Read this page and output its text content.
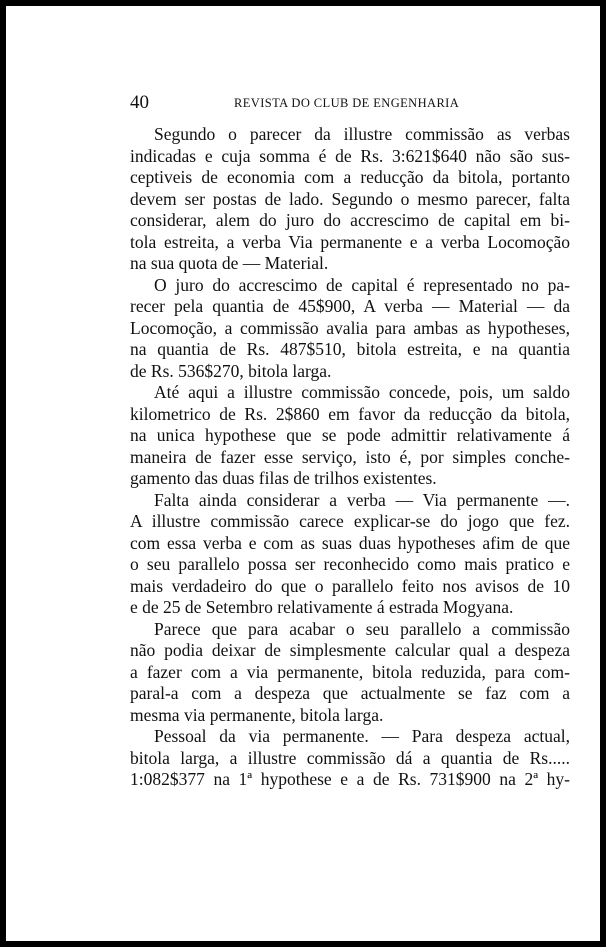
40	REVISTA DO CLUB DE ENGENHARIA
Segundo o parecer da illustre commissão as verbas
indicadas e cuja somma é de Rs. 3:621$640 não são sus-
ceptiveis de economia com a reducção da bitola, portanto
devem ser postas de lado. Segundo o mesmo parecer, falta
considerar, alem do juro do accrescimo de capital em bi-
tola estreita, a verba Via permanente e a verba Locomoção
na sua quota de — Material.
O juro do accrescimo de capital é representado no pa-
recer pela quantia de 45$900, A verba — Material — da
Locomoção, a commissão avalia para ambas as hypotheses,
na quantia de Rs. 487$510, bitola estreita, e na quantia
de Rs. 536$270, bitola larga.
Até aqui a illustre commissão concede, pois, um saldo
kilometrico de Rs. 2$860 em favor da reducção da bitola,
na unica hypothese que se pode admittir relativamente á
maneira de fazer esse serviço, isto é, por simples conche-
gamento das duas filas de trilhos existentes.
Falta ainda considerar a verba — Via permanente —.
A illustre commissão carece explicar-se do jogo que fez.
com essa verba e com as suas duas hypotheses afim de que
o seu parallelo possa ser reconhecido como mais pratico e
mais verdadeiro do que o parallelo feito nos avisos de 10
e de 25 de Setembro relativamente á estrada Mogyana.
Parece que para acabar o seu parallelo a commissão
não podia deixar de simplesmente calcular qual a despeza
a fazer com a via permanente, bitola reduzida, para com-
paral-a com a despeza que actualmente se faz com a
mesma via permanente, bitola larga.
Pessoal da via permanente. — Para despeza actual,
bitola larga, a illustre commissão dá a quantia de Rs.....
1:082$377 na 1ª hypothese e a de Rs. 731$900 na 2ª hy-
